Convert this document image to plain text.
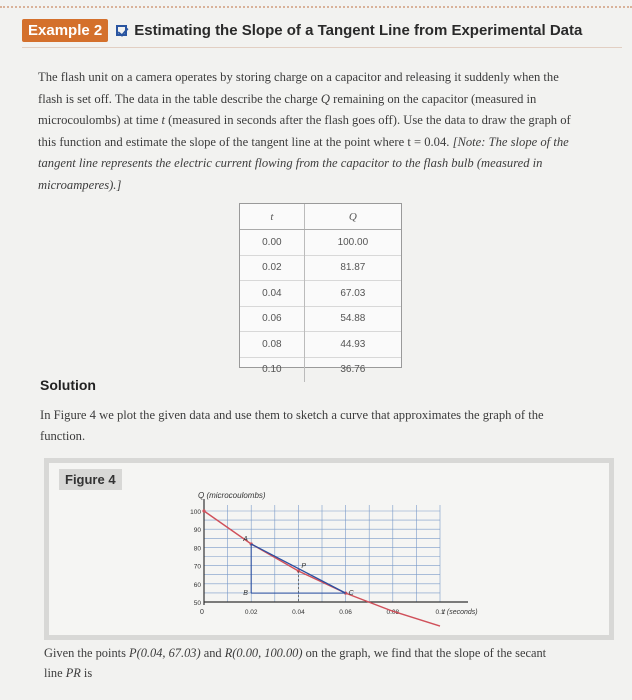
Example 2	Estimating the Slope of a Tangent Line from Experimental Data
The flash unit on a camera operates by storing charge on a capacitor and releasing it suddenly when the flash is set off. The data in the table describe the charge Q remaining on the capacitor (measured in microcoulombs) at time t (measured in seconds after the flash goes off). Use the data to draw the graph of this function and estimate the slope of the tangent line at the point where t = 0.04. [Note: The slope of the tangent line represents the electric current flowing from the capacitor to the flash bulb (measured in microamperes).]
t	Q
0.00	100.00
0.02	81.87
0.04	67.03
0.06	54.88
0.08	44.93
0.10	36.76
Solution
In Figure 4 we plot the given data and use them to sketch a curve that approximates the graph of the function.
Figure 4
Q (microcoulombs)
t (seconds)
0
100
90
80
70
60
50
0.02	0.04	0.06	0.08	0.1
A
P
B	C
Given the points P(0.04, 67.03) and R(0.00, 100.00) on the graph, we find that the slope of the secant line PR is
